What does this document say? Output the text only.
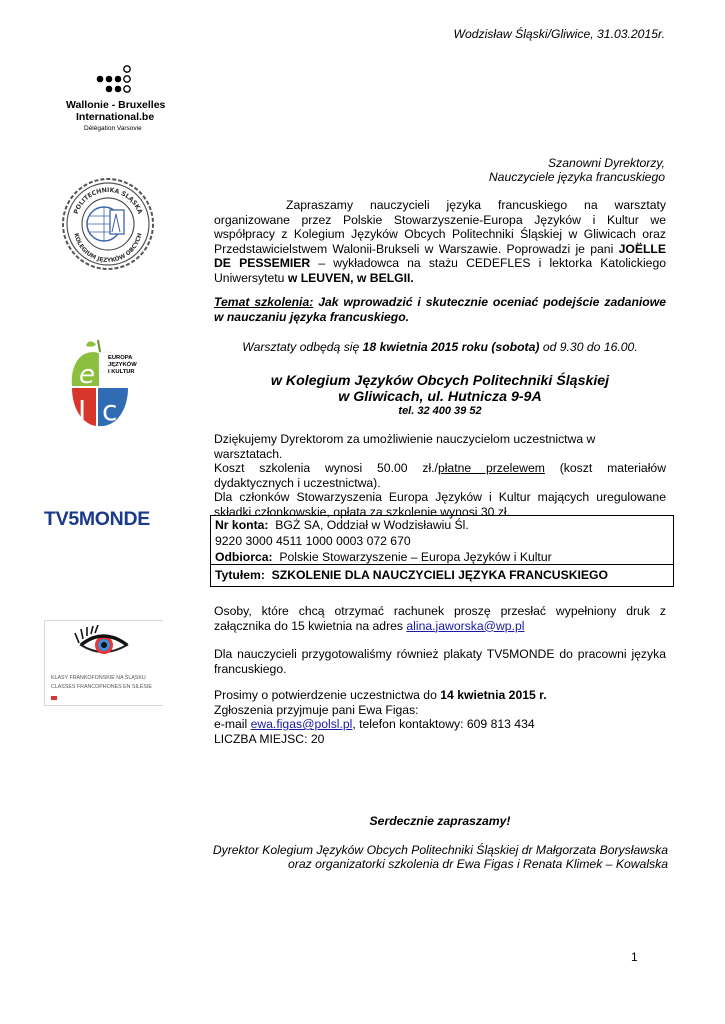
Wodzisław Śląski/Gliwice, 31.03.2015r.
Wallonie - Bruxelles
International.be
Délégation Varsovie
POLITECHNIKA ŚLĄSKA
KOLEGIUM JĘZYKÓW OBCYCH
Szanowni Dyrektorzy,
Nauczyciele języka francuskiego

Zapraszamy nauczycieli języka francuskiego na warsztaty organizowane przez Polskie Stowarzyszenie-Europa Języków i Kultur we współpracy z Kolegium Języków Obcych Politechniki Śląskiej w Gliwicach oraz Przedstawicielstwem Walonii-Brukseli w Warszawie. Poprowadzi je pani JOËLLE DE PESSEMIER – wykładowca na stażu CEDEFLES i lektorka Katolickiego Uniwersytetu w LEUVEN, w BELGII.

Temat szkolenia: Jak wprowadzić i skutecznie oceniać podejście zadaniowe w nauczaniu języka francuskiego.

Warsztaty odbędą się 18 kwietnia 2015 roku (sobota) od 9.30 do 16.00.

e
I c
EUROPA
JĘZYKÓW
I KULTUR
w Kolegium Języków Obcych Politechniki Śląskiej
w Gliwicach, ul. Hutnicza 9-9A
tel. 32 400 39 52

Dziękujemy Dyrektorom za umożliwienie nauczycielom uczestnictwa w warsztatach.

Koszt szkolenia wynosi 50.00 zł./płatne przelewem (koszt materiałów dydaktycznych i uczestnictwa).

Dla członków Stowarzyszenia Europa Języków i Kultur mających uregulowane składki członkowskie, opłata za szkolenie wynosi 30 zł.

TV5MONDE	Nr konta: BGŻ SA, Oddział w Wodzisławiu Śl.
9220 3000 4511 1000 0003 072 670
Odbiorca: Polskie Stowarzyszenie – Europa Języków i Kultur
Tytułem: SZKOLENIE DLA NAUCZYCIELI JĘZYKA FRANCUSKIEGO
KLASY FRANKOFOŃSKIE NA ŚLĄSKU
CLASSES FRANCOPHONES EN SILÉSIE

Osoby, które chcą otrzymać rachunek proszę przesłać wypełniony druk z załącznika do 15 kwietnia na adres alina.jaworska@wp.pl

Dla nauczycieli przygotowaliśmy również plakaty TV5MONDE do pracowni języka francuskiego.

Prosimy o potwierdzenie uczestnictwa do 14 kwietnia 2015 r.

Zgłoszenia przyjmuje pani Ewa Figas:

e-mail ewa.figas@polsl.pl, telefon kontaktowy: 609 813 434

LICZBA MIEJSC: 20

Serdecznie zapraszamy!
Dyrektor Kolegium Języków Obcych Politechniki Śląskiej dr Małgorzata Borysławska
oraz organizatorki szkolenia dr Ewa Figas i Renata Klimek – Kowalska
1
